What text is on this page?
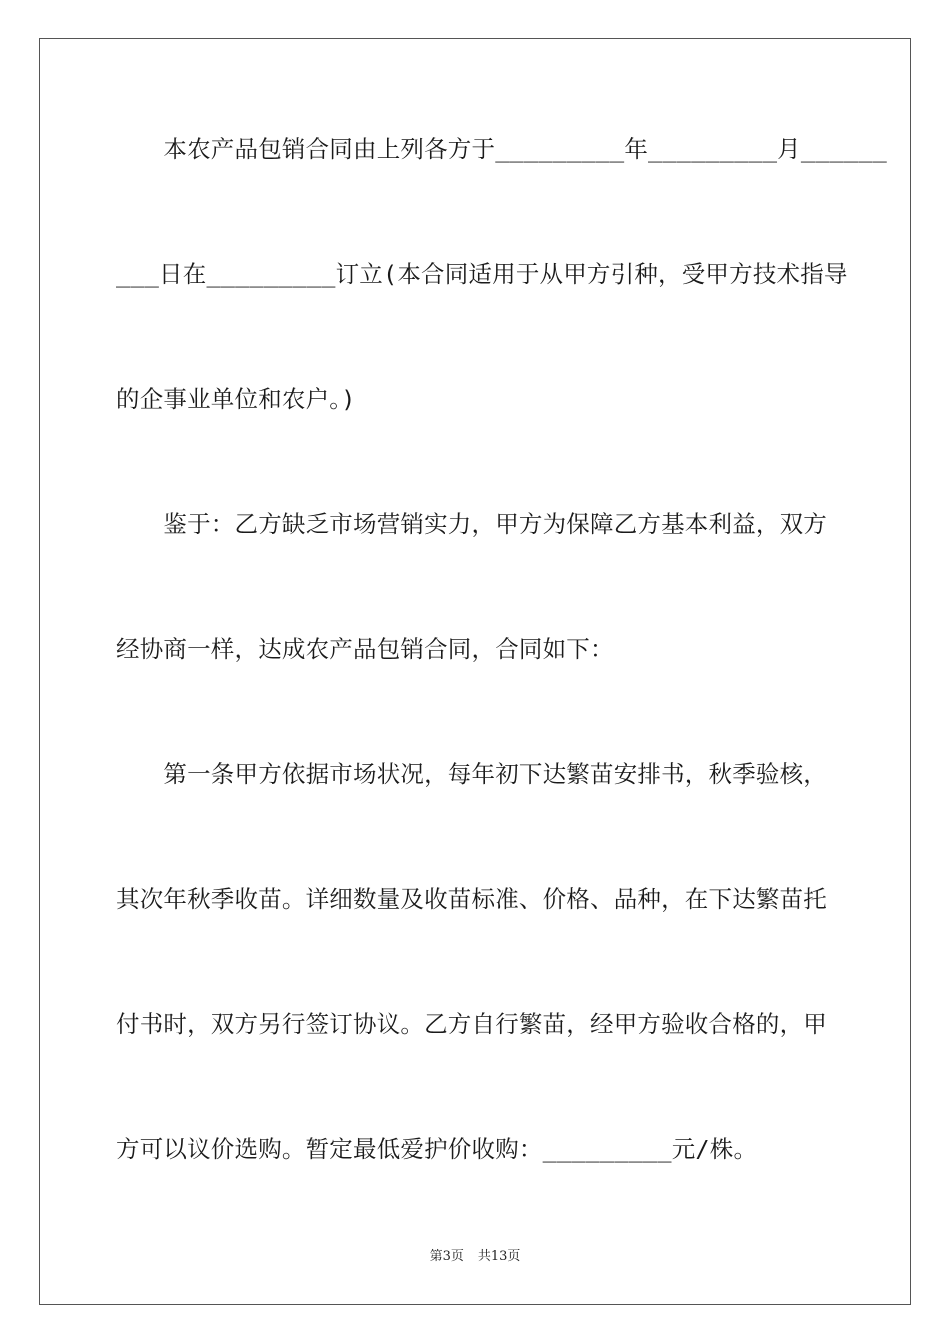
　　本农产品包销合同由上列各方于_________年_________月______
___日在_________订立(本合同适用于从甲方引种，受甲方技术指导
的企事业单位和农户。)
　　鉴于：乙方缺乏市场营销实力，甲方为保障乙方基本利益，双方
经协商一样，达成农产品包销合同，合同如下：
　　第一条甲方依据市场状况，每年初下达繁苗安排书，秋季验核，
其次年秋季收苗。详细数量及收苗标准、价格、品种，在下达繁苗托
付书时，双方另行签订协议。乙方自行繁苗，经甲方验收合格的，甲
方可以议价选购。暂定最低爱护价收购：_________元/株。
第3页 共13页
